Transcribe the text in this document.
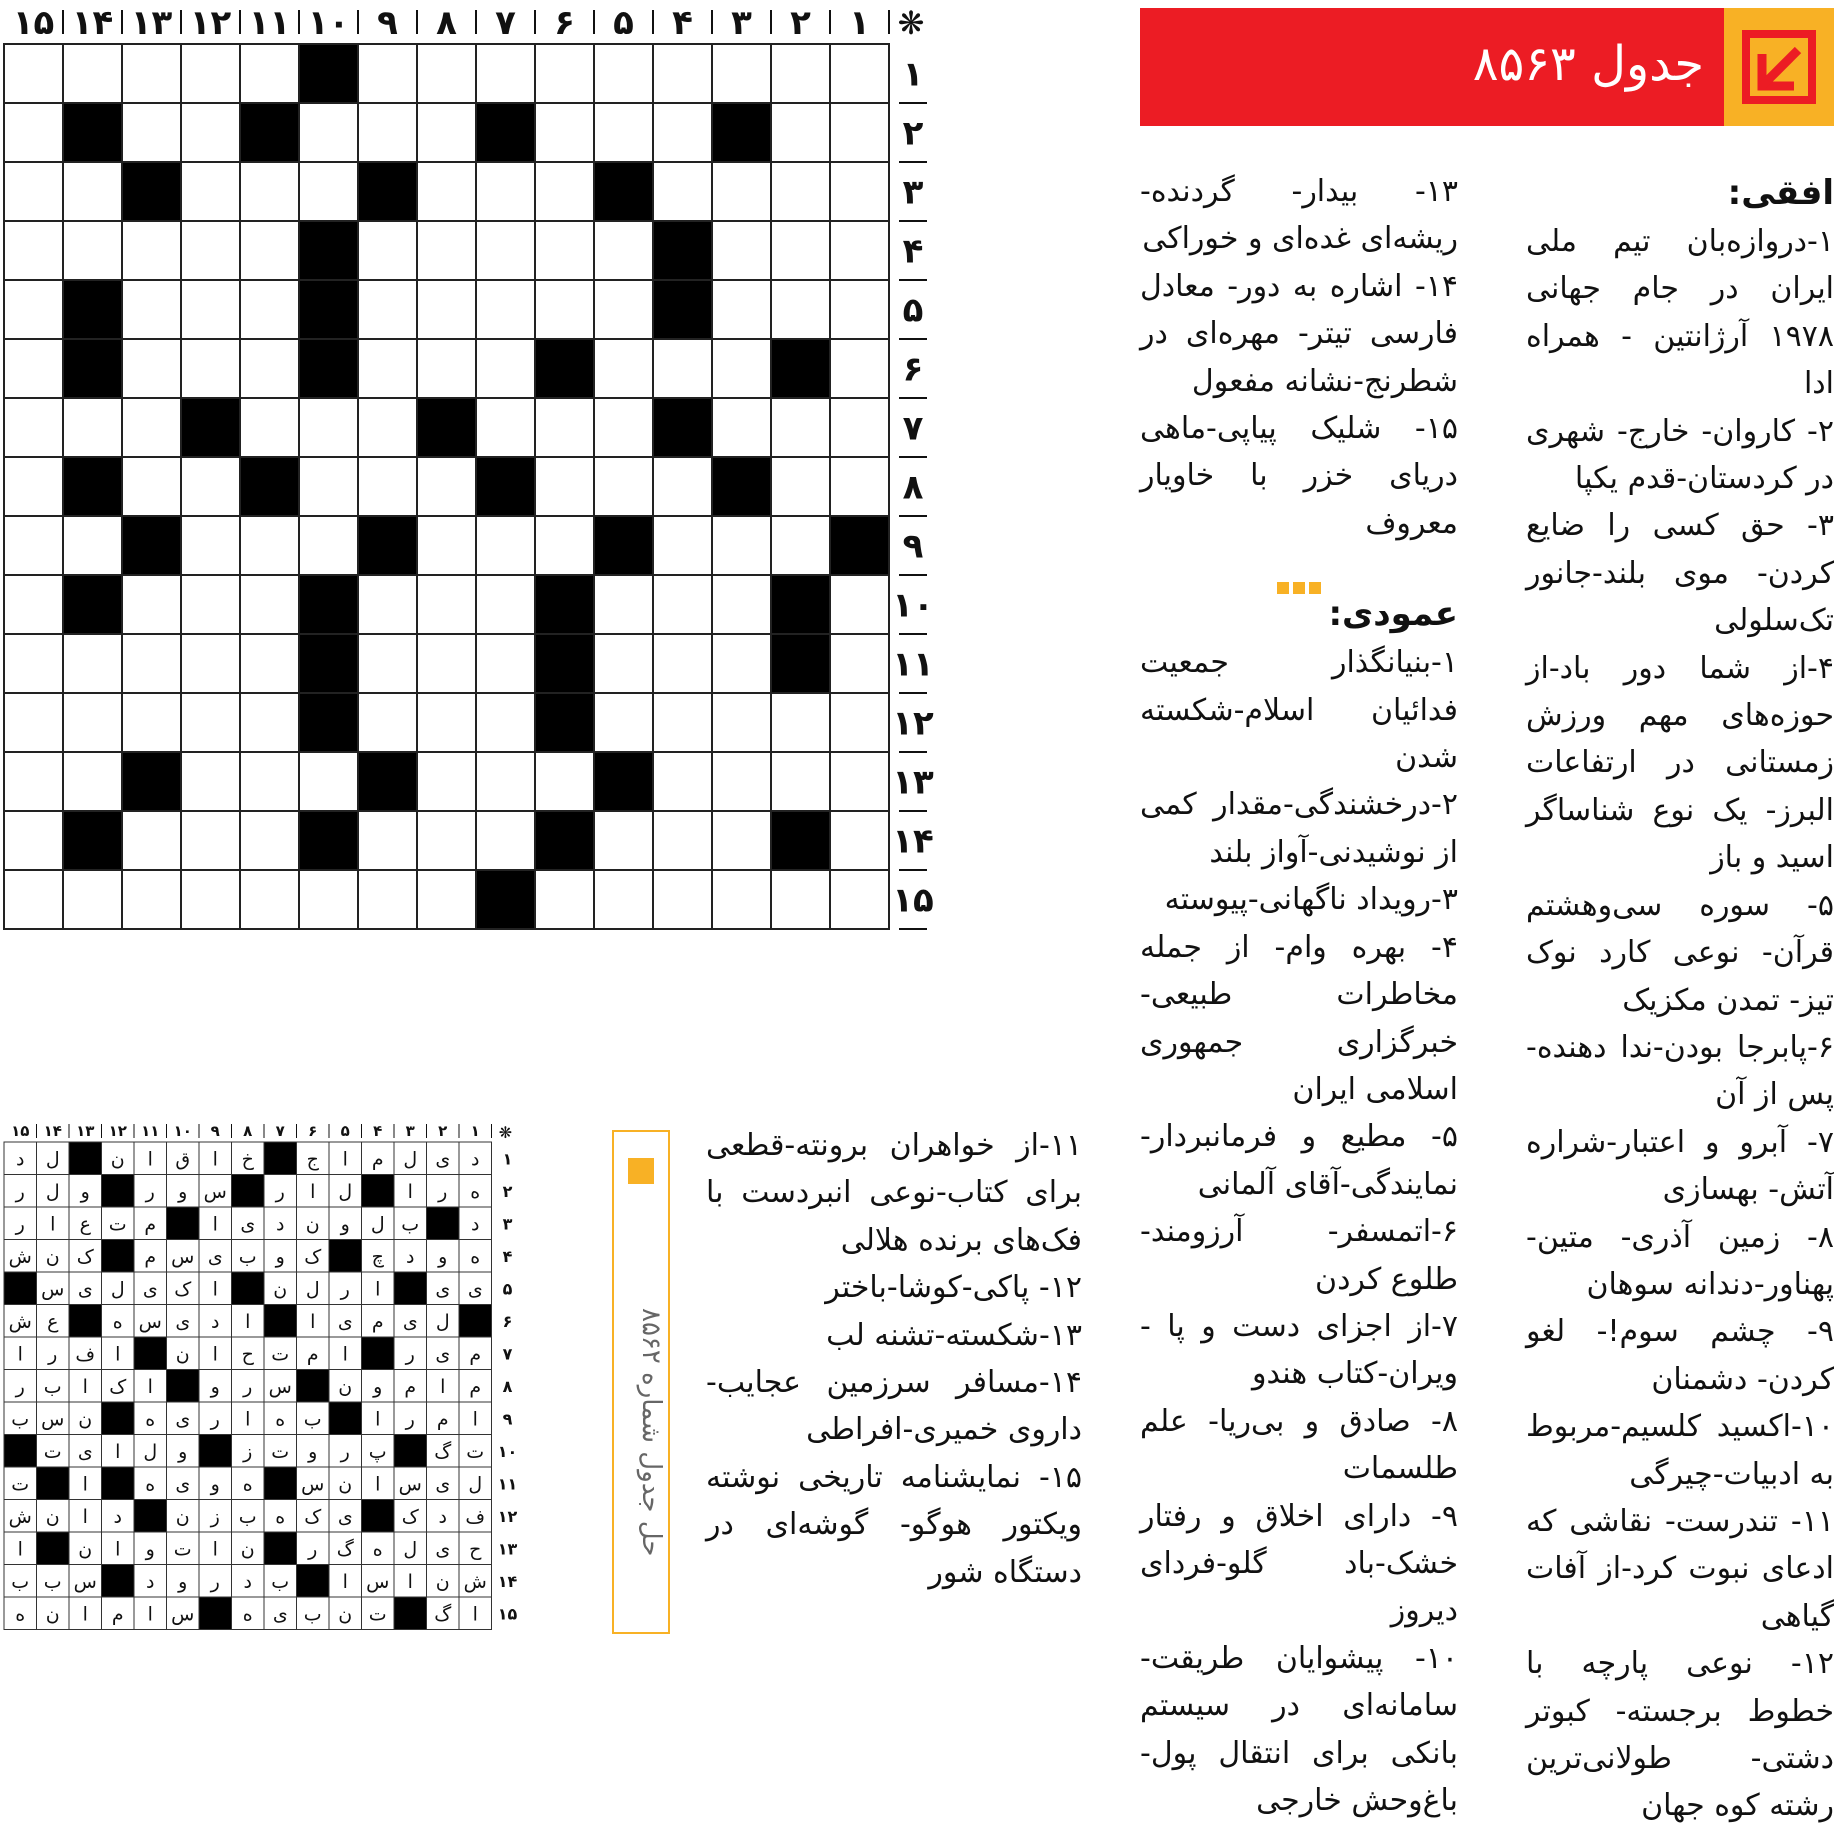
۱
۲
۳
۴
۵
۶
۷
۸
۹
۱۰
۱۱
۱۲
۱۳
۱۴
۱۵	❋
۱
۲
۳
۴
۵
۶
۷
۸
۹
۱۰
۱۱
۱۲
۱۳
۱۴
۱۵
جدول ۸۵۶۳

افقی:

۱-دروازه‌بان تیم ملی ایران در جام جهانی ۱۹۷۸ آرژانتین - همراه ادا

۲- کاروان- خارج- شهری در کردستان-قدم یکپا

۳- حق کسی را ضایع کردن- موی بلند-جانور تک‌سلولی

۴-از شما دور باد-از حوزه‌های مهم ورزش زمستانی در ارتفاعات البرز- یک نوع شناساگر اسید و باز

۵- سوره سی‌وهشتم قرآن- نوعی کارد نوک تیز- تمدن مکزیک

۶-پابرجا بودن-ندا دهنده- پس از آن

۷- آبرو و اعتبار-شراره آتش- بهسازی

۸- زمین آذری- متین- پهناور-دندانه سوهان

۹- چشم سوم!- لغو کردن- دشمنان

۱۰-اکسید کلسیم-مربوط به ادبیات-چیرگی

۱۱- تندرست- نقاشی که ادعای نبوت کرد-از آفات گیاهی

۱۲- نوعی پارچه با خطوط برجسته- کبوتر دشتی- طولانی‌ترین رشته کوه جهان

۱۳- بیدار- گردنده- ریشه‌ای غده‌ای و خوراکی

۱۴- اشاره به دور- معادل فارسی تیتر- مهره‌ای در شطرنج-نشانه مفعول

۱۵- شلیک پیاپی-ماهی دریای خزر با خاویار معروف

عمودی:

۱-بنیانگذار جمعیت فدائیان اسلام-شکسته شدن

۲-درخشندگی-مقدار کمی از نوشیدنی-آواز بلند

۳-رویداد ناگهانی-پیوسته

۴- بهره وام- از جمله مخاطرات طبیعی- خبرگزاری جمهوری اسلامی ایران

۵- مطیع و فرمانبردار- نمایندگی-آقای آلمانی

۶-اتمسفر- آرزومند- طلوع کردن

۷-از اجزای دست و پا - ویران-کتاب هندو

۸- صادق و بی‌ریا- علم طلسمات

۹- دارای اخلاق و رفتار خشک-باد گلو-فردای دیروز

۱۰- پیشوایان طریقت- سامانه‌ای در سیستم بانکی برای انتقال پول- باغ‌وحش خارجی

۱۱-از خواهران برونته-قطعی برای کتاب-نوعی انبردست با فک‌های برنده هلالی

۱۲- پاکی-کوشا-باختر

۱۳-شکسته-تشنه لب

۱۴-مسافر سرزمین عجایب- داروی خمیری-افراطی

۱۵- نمایشنامه تاریخی نوشته ویکتور هوگو- گوشه‌ای در دستگاه شور

حل جدول شماره ۸۵۶۲
۱
۲
۳
۴
۵
۶
۷
۸
۹
۱۰
۱۱
۱۲
۱۳
۱۴
۱۵	❋
۱
۲
۳
۴
۵
۶
۷
۸
۹
۱۰
۱۱
۱۲
۱۳
۱۴
۱۵
د
ی
ل
م
ا
ج
خ
ا
ق
ا
ن
ل
د
ه
ر
ا
ل
ا
ر
س
و
ر
و
ل
ر
د
ب
ل
و
ن
د
ی
ا
م
ت
ع
ا
ر
ه
و
د
چ
ک
و
ب
ی
س
م
ک
ن
ش
ی
ی
ا
ر
ل
ن
ا
ک
ی
ل
ی
س
ل
ی
م
ی
ا
ا
د
ی
س
ه
ع
ش
م
ی
ر
ا
م
ت
ح
ا
ن
ا
ف
ر
ا
م
ا
م
و
ن
س
ر
و
ا
ک
ا
ب
ر
ا
م
ر
ا
ب
ه
ا
ر
ی
ه
ن
س
ب
ت
گ
پ
ر
و
ت
ز
و
ل
ا
ی
ت
ل
ی
س
ا
ن
س
ه
و
ی
ه
ا
ت
ف
د
ک
ی
ک
ه
ب
ز
ن
د
ا
ن
ش
ح
ی
ل
ه
گ
ر
ن
ا
ت
و
ا
ن
ا
ش
ن
ا
س
ا
ب
د
ر
و
د
س
ب
ب
ا
گ
ت
ن
ب
ی
ه
س
ا
م
ا
ن
ه
